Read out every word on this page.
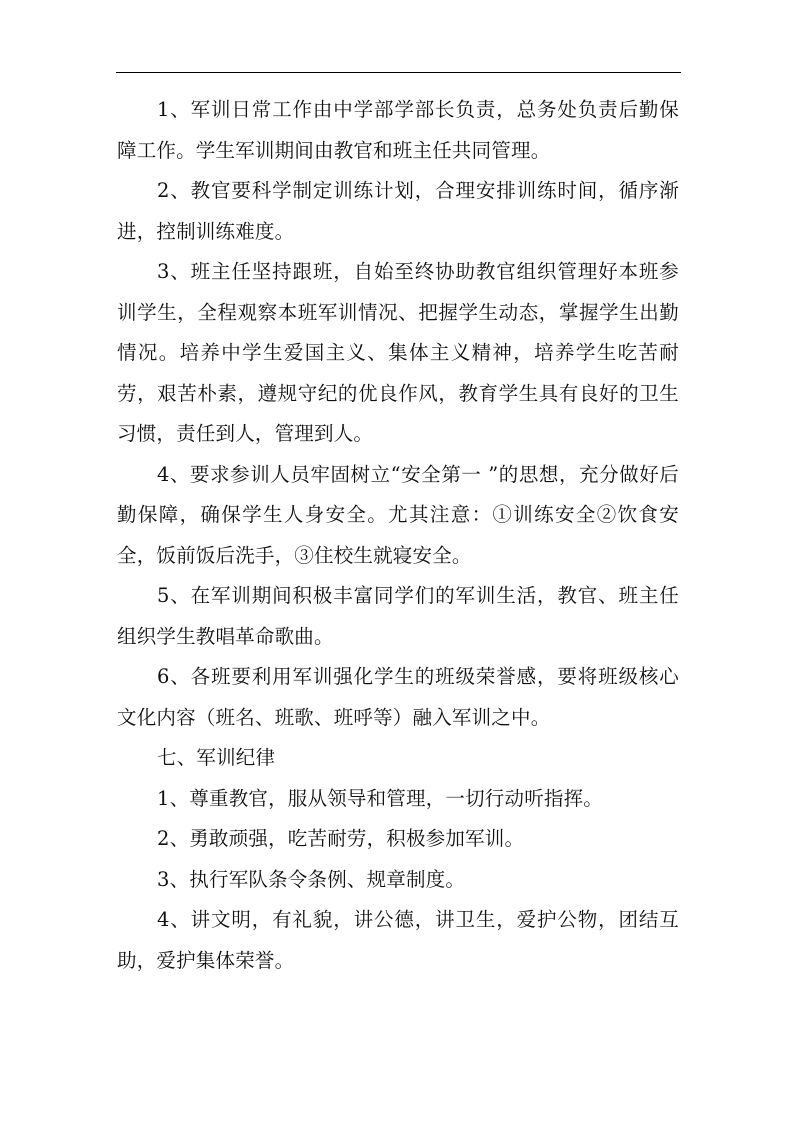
1、军训日常工作由中学部学部长负责，总务处负责后勤保障工作。学生军训期间由教官和班主任共同管理。

2、教官要科学制定训练计划，合理安排训练时间，循序渐进，控制训练难度。

3、班主任坚持跟班，自始至终协助教官组织管理好本班参训学生，全程观察本班军训情况、把握学生动态，掌握学生出勤情况。培养中学生爱国主义、集体主义精神，培养学生吃苦耐劳，艰苦朴素，遵规守纪的优良作风，教育学生具有良好的卫生习惯，责任到人，管理到人。

4、要求参训人员牢固树立“安全第一 ”的思想，充分做好后勤保障，确保学生人身安全。尤其注意：①训练安全②饮食安全，饭前饭后洗手，③住校生就寝安全。

5、在军训期间积极丰富同学们的军训生活，教官、班主任组织学生教唱革命歌曲。

6、各班要利用军训强化学生的班级荣誉感，要将班级核心文化内容（班名、班歌、班呼等）融入军训之中。

七、军训纪律

1、尊重教官，服从领导和管理，一切行动听指挥。

2、勇敢顽强，吃苦耐劳，积极参加军训。

3、执行军队条令条例、规章制度。

4、讲文明，有礼貌，讲公德，讲卫生，爱护公物，团结互助，爱护集体荣誉。
